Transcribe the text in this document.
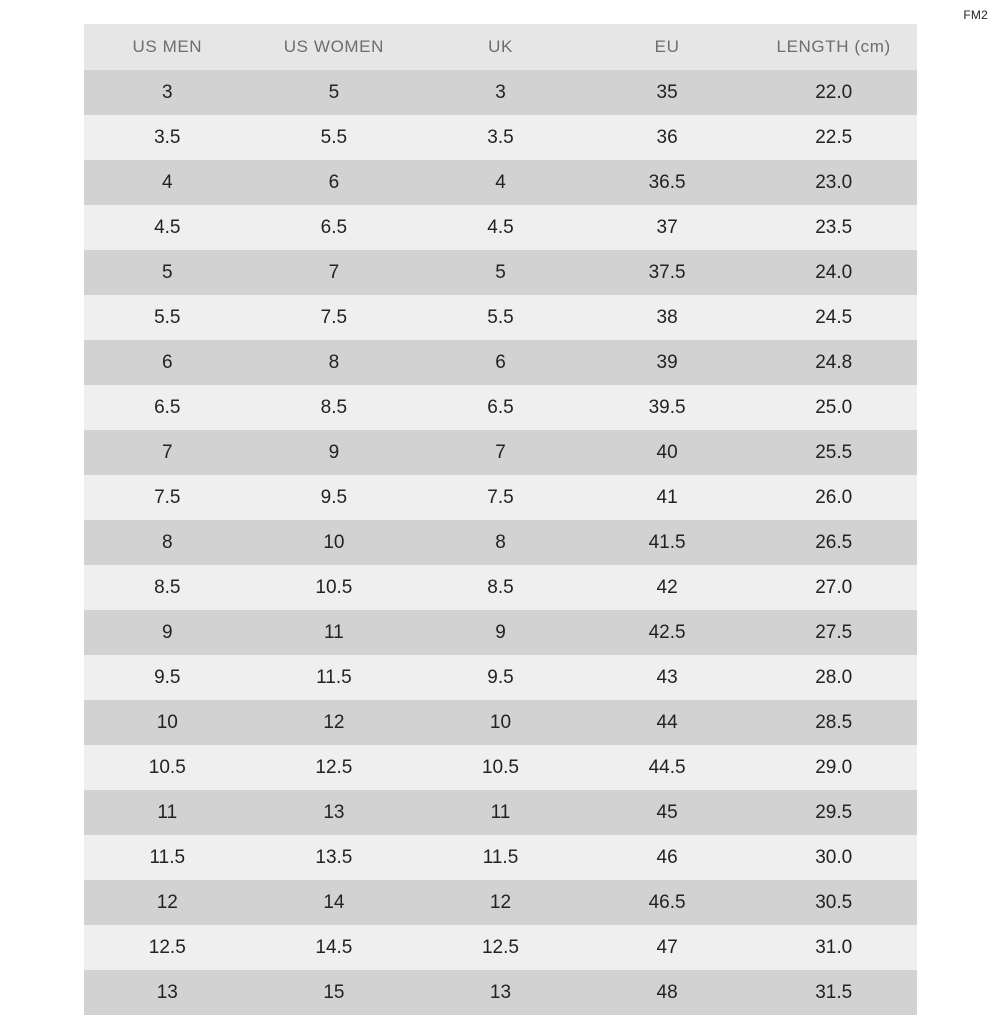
FM2
US MEN	US WOMEN	UK	EU	LENGTH (cm)
3	5	3	35	22.0
3.5	5.5	3.5	36	22.5
4	6	4	36.5	23.0
4.5	6.5	4.5	37	23.5
5	7	5	37.5	24.0
5.5	7.5	5.5	38	24.5
6	8	6	39	24.8
6.5	8.5	6.5	39.5	25.0
7	9	7	40	25.5
7.5	9.5	7.5	41	26.0
8	10	8	41.5	26.5
8.5	10.5	8.5	42	27.0
9	11	9	42.5	27.5
9.5	11.5	9.5	43	28.0
10	12	10	44	28.5
10.5	12.5	10.5	44.5	29.0
11	13	11	45	29.5
11.5	13.5	11.5	46	30.0
12	14	12	46.5	30.5
12.5	14.5	12.5	47	31.0
13	15	13	48	31.5
